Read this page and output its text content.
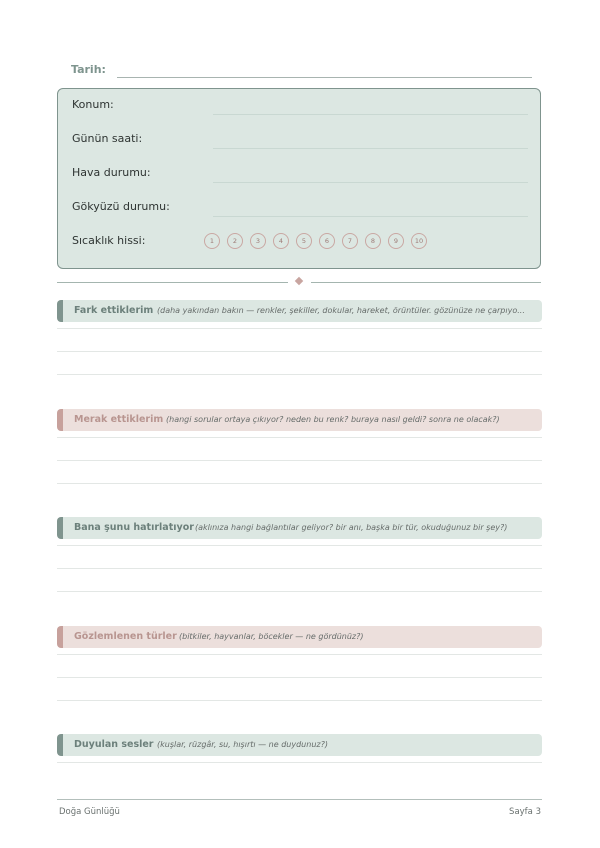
Tarih:
Konum:
Günün saati:
Hava durumu:
Gökyüzü durumu:
Sıcaklık hissi:	1	2	3	4	5	6	7	8	9	10
Fark ettiklerim (daha yakından bakın — renkler, şekiller, dokular, hareket, örüntüler. gözünüze ne çarpıyo...
Merak ettiklerim (hangi sorular ortaya çıkıyor? neden bu renk? buraya nasıl geldi? sonra ne olacak?)
Bana şunu hatırlatıyor (aklınıza hangi bağlantılar geliyor? bir anı, başka bir tür, okuduğunuz bir şey?)
Gözlemlenen türler (bitkiler, hayvanlar, böcekler — ne gördünüz?)
Duyulan sesler (kuşlar, rüzgâr, su, hışırtı — ne duydunuz?)
Doğa Günlüğü	Sayfa 3
